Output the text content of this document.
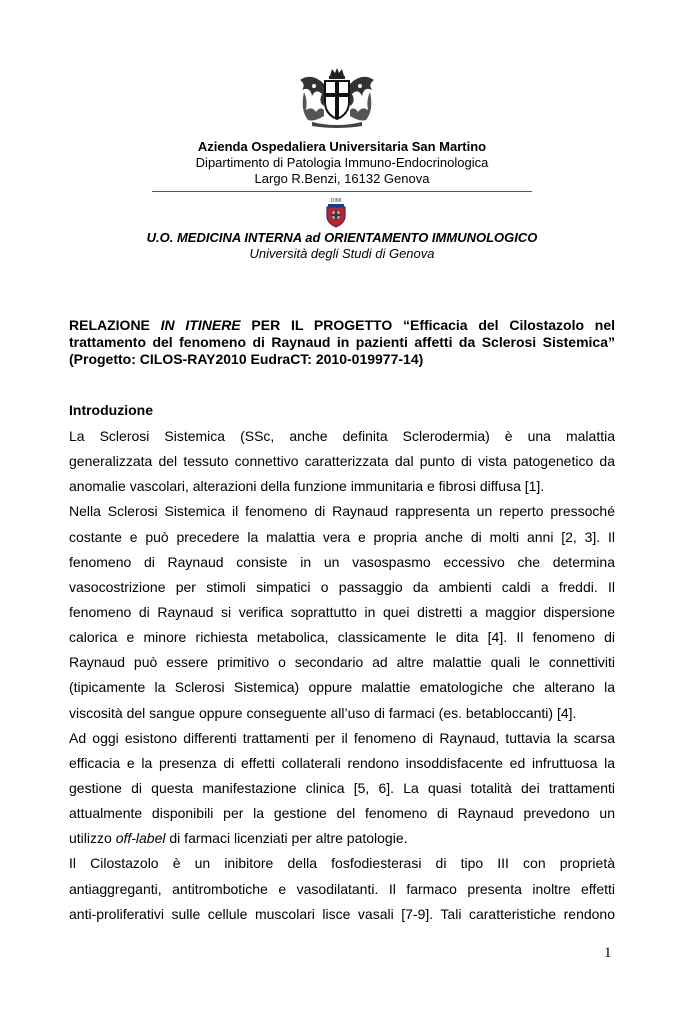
Azienda Ospedaliera Universitaria San Martino
Dipartimento di Patologia Immuno-Endocrinologica
Largo R.Benzi, 16132 Genova
DIMI
U.O. MEDICINA INTERNA ad ORIENTAMENTO IMMUNOLOGICO
Università degli Studi di Genova
RELAZIONE IN ITINERE PER IL PROGETTO “Efficacia del Cilostazolo nel
trattamento del fenomeno di Raynaud in pazienti affetti da Sclerosi Sistemica”
(Progetto: CILOS-RAY2010 EudraCT: 2010-019977-14)
Introduzione
La Sclerosi Sistemica (SSc, anche definita Sclerodermia) è una malattia
generalizzata del tessuto connettivo caratterizzata dal punto di vista patogenetico da
anomalie vascolari, alterazioni della funzione immunitaria e fibrosi diffusa [1].
Nella Sclerosi Sistemica il fenomeno di Raynaud rappresenta un reperto pressoché
costante e può precedere la malattia vera e propria anche di molti anni [2, 3]. Il
fenomeno di Raynaud consiste in un vasospasmo eccessivo che determina
vasocostrizione per stimoli simpatici o passaggio da ambienti caldi a freddi. Il
fenomeno di Raynaud si verifica soprattutto in quei distretti a maggior dispersione
calorica e minore richiesta metabolica, classicamente le dita [4]. Il fenomeno di
Raynaud può essere primitivo o secondario ad altre malattie quali le connettiviti
(tipicamente la Sclerosi Sistemica) oppure malattie ematologiche che alterano la
viscosità del sangue oppure conseguente all’uso di farmaci (es. betabloccanti) [4].
Ad oggi esistono differenti trattamenti per il fenomeno di Raynaud, tuttavia la scarsa
efficacia e la presenza di effetti collaterali rendono insoddisfacente ed infruttuosa la
gestione di questa manifestazione clinica [5, 6]. La quasi totalità dei trattamenti
attualmente disponibili per la gestione del fenomeno di Raynaud prevedono un
utilizzo off-label di farmaci licenziati per altre patologie.
Il Cilostazolo è un inibitore della fosfodiesterasi di tipo III con proprietà
antiaggreganti, antitrombotiche e vasodilatanti. Il farmaco presenta inoltre effetti
anti-proliferativi sulle cellule muscolari lisce vasali [7-9]. Tali caratteristiche rendono
1
